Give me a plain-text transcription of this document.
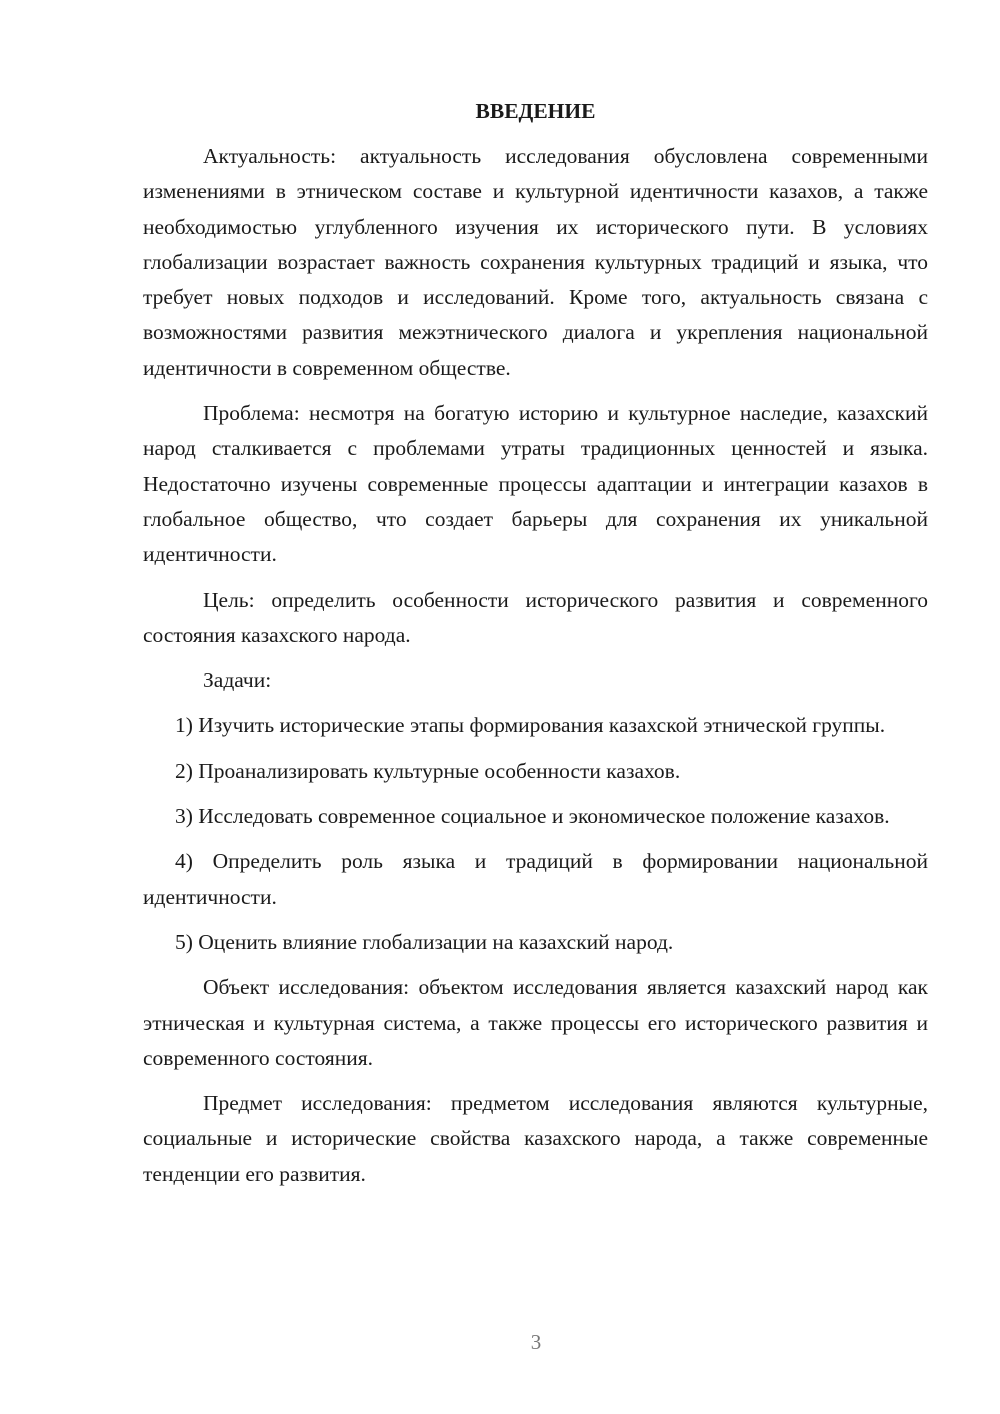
ВВЕДЕНИЕ

Актуальность: актуальность исследования обусловлена современными изменениями в этническом составе и культурной идентичности казахов, а также необходимостью углубленного изучения их исторического пути. В условиях глобализации возрастает важность сохранения культурных традиций и языка, что требует новых подходов и исследований. Кроме того, актуальность связана с возможностями развития межэтнического диалога и укрепления национальной идентичности в современном обществе.

Проблема: несмотря на богатую историю и культурное наследие, казахский народ сталкивается с проблемами утраты традиционных ценностей и языка. Недостаточно изучены современные процессы адаптации и интеграции казахов в глобальное общество, что создает барьеры для сохранения их уникальной идентичности.

Цель: определить особенности исторического развития и современного состояния казахского народа.

Задачи:

1) Изучить исторические этапы формирования казахской этнической группы.

2) Проанализировать культурные особенности казахов.

3) Исследовать современное социальное и экономическое положение казахов.

4) Определить роль языка и традиций в формировании национальной идентичности.

5) Оценить влияние глобализации на казахский народ.

Объект исследования: объектом исследования является казахский народ как этническая и культурная система, а также процессы его исторического развития и современного состояния.

Предмет исследования: предметом исследования являются культурные, социальные и исторические свойства казахского народа, а также современные тенденции его развития.

3
